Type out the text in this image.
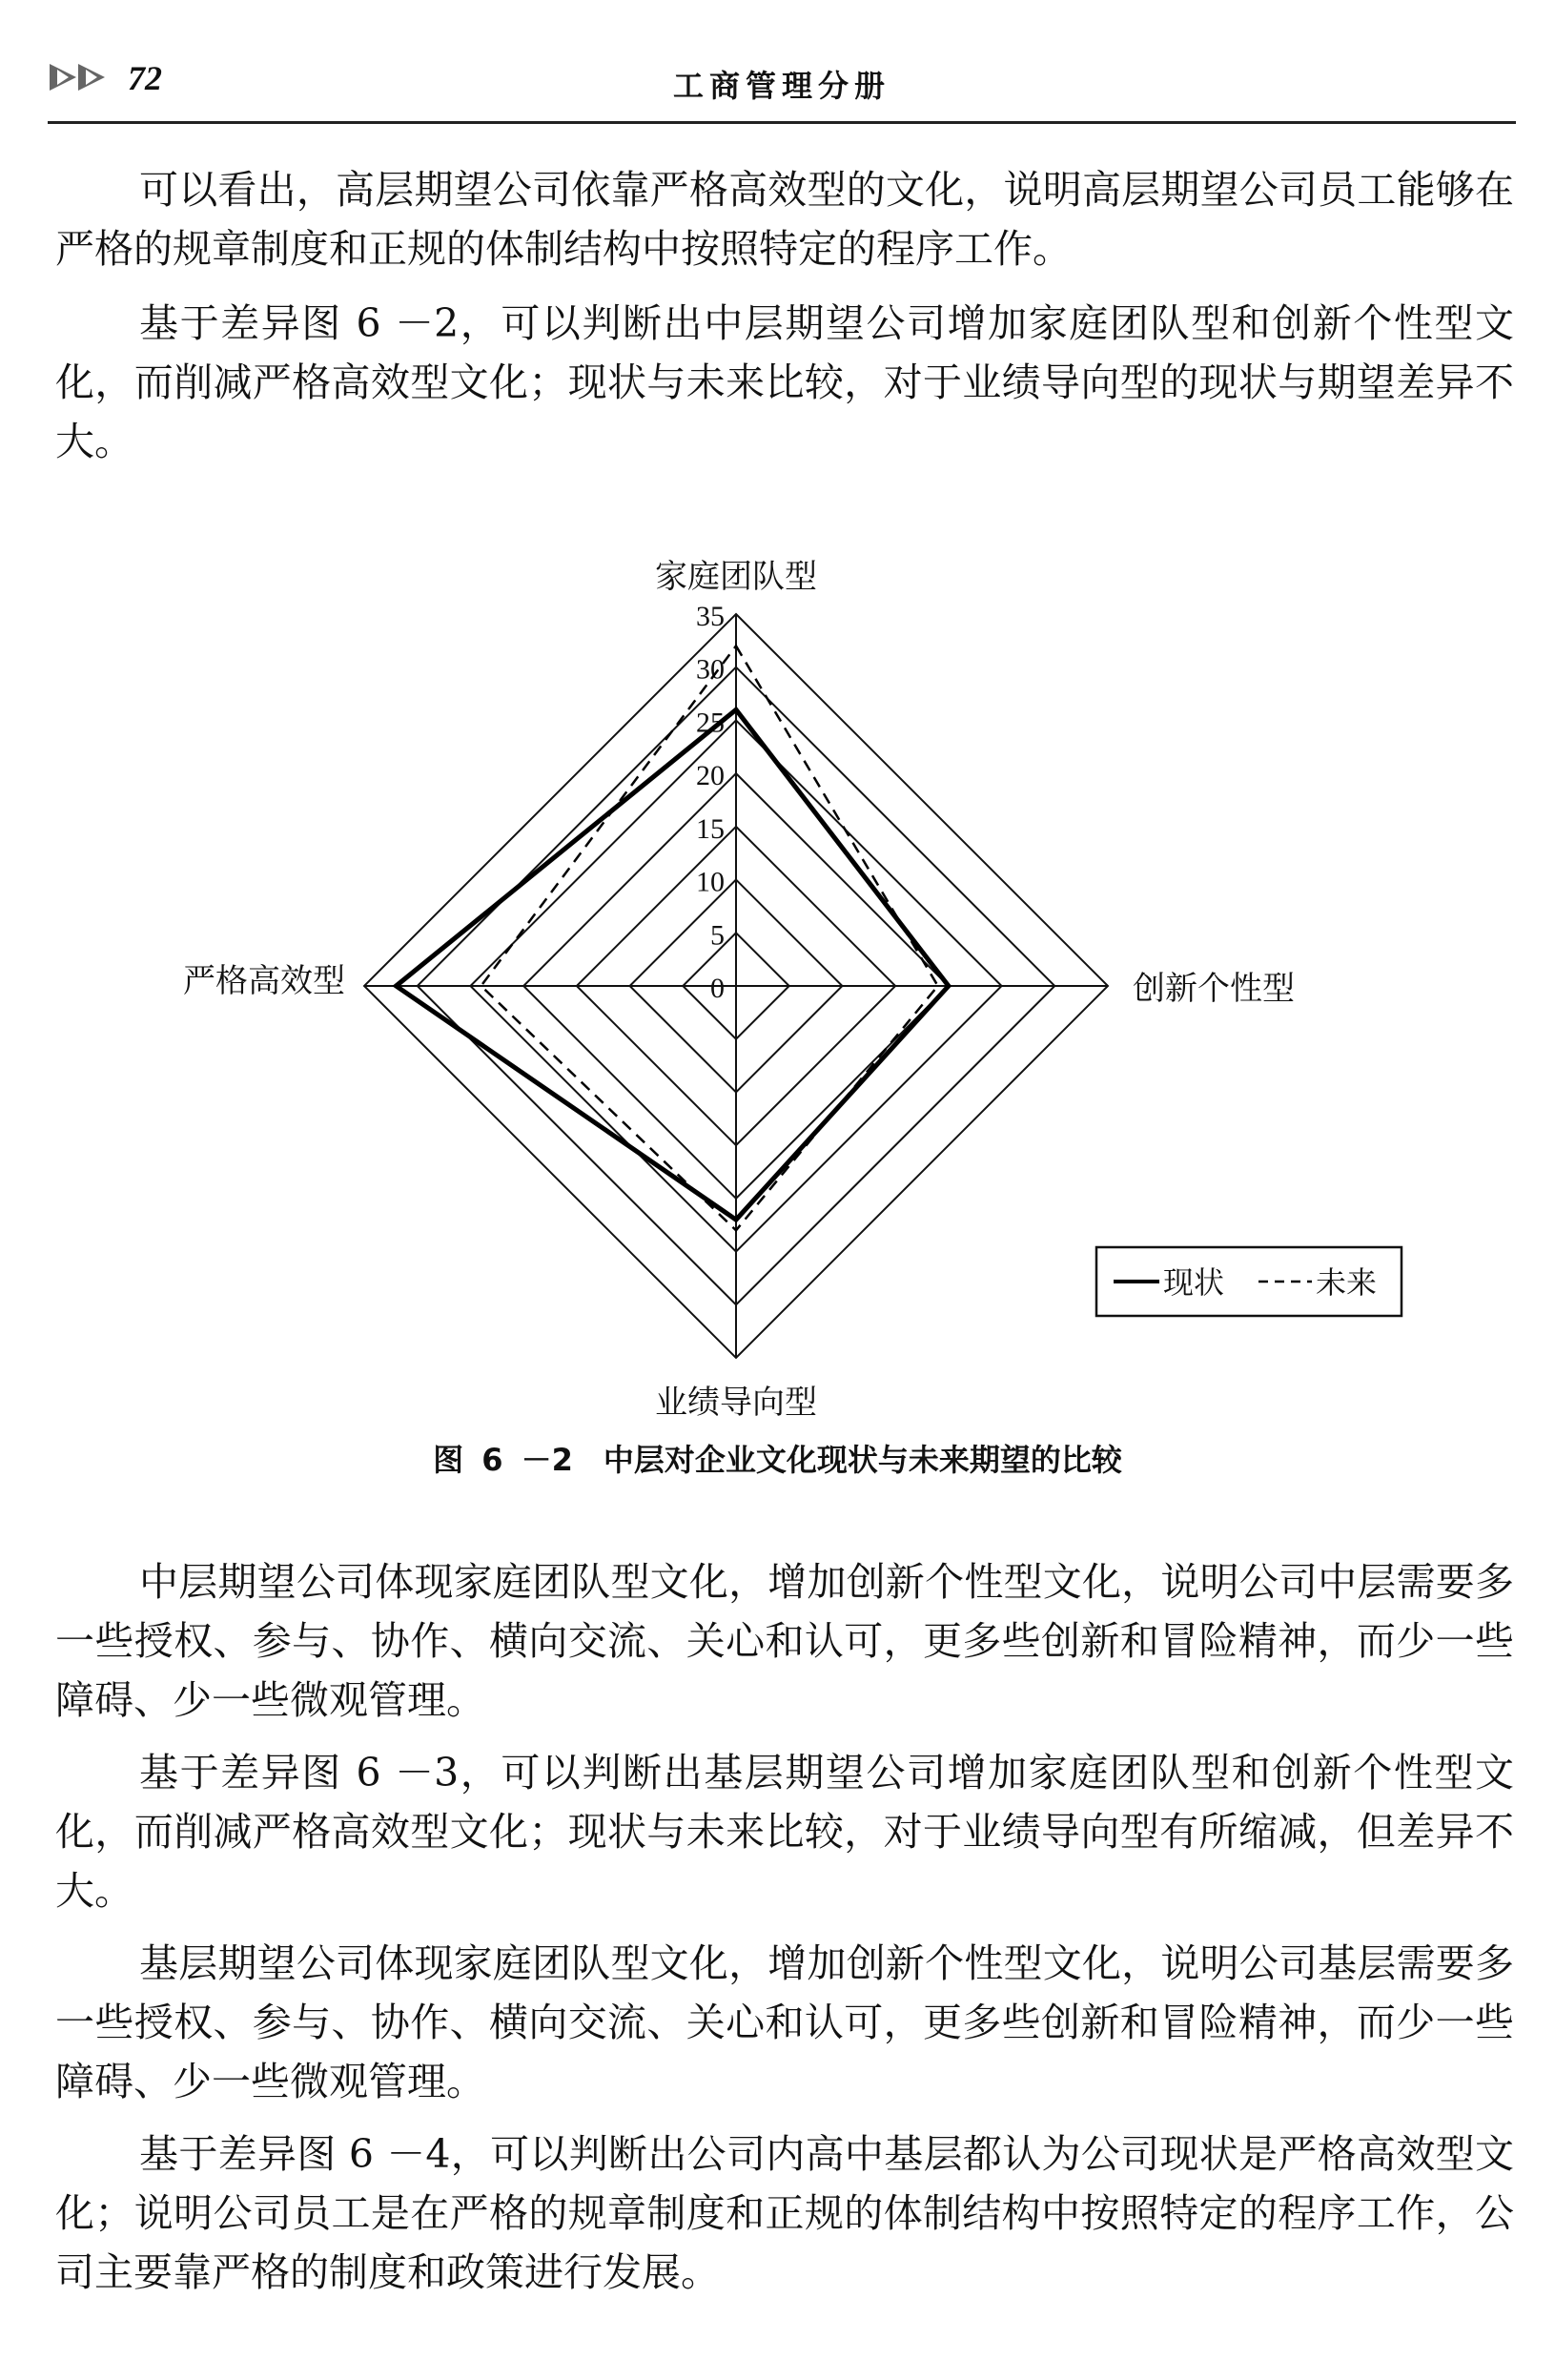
72	工商管理分册

可以看出，高层期望公司依靠严格高效型的文化，说明高层期望公司员工能够在严格的规章制度和正规的体制结构中按照特定的程序工作。

基于差异图 6 －2，可以判断出中层期望公司增加家庭团队型和创新个性型文化，而削减严格高效型文化；现状与未来比较，对于业绩导向型的现状与期望差异不大。

0
5
10
15
20
25
30
35
家庭团队型
创新个性型
业绩导向型
严格高效型
现状	未来
图 6 －2　中层对企业文化现状与未来期望的比较

中层期望公司体现家庭团队型文化，增加创新个性型文化，说明公司中层需要多一些授权、参与、协作、横向交流、关心和认可，更多些创新和冒险精神，而少一些障碍、少一些微观管理。

基于差异图 6 －3，可以判断出基层期望公司增加家庭团队型和创新个性型文化，而削减严格高效型文化；现状与未来比较，对于业绩导向型有所缩减，但差异不大。

基层期望公司体现家庭团队型文化，增加创新个性型文化，说明公司基层需要多一些授权、参与、协作、横向交流、关心和认可，更多些创新和冒险精神，而少一些障碍、少一些微观管理。

基于差异图 6 －4，可以判断出公司内高中基层都认为公司现状是严格高效型文化；说明公司员工是在严格的规章制度和正规的体制结构中按照特定的程序工作，公司主要靠严格的制度和政策进行发展。
